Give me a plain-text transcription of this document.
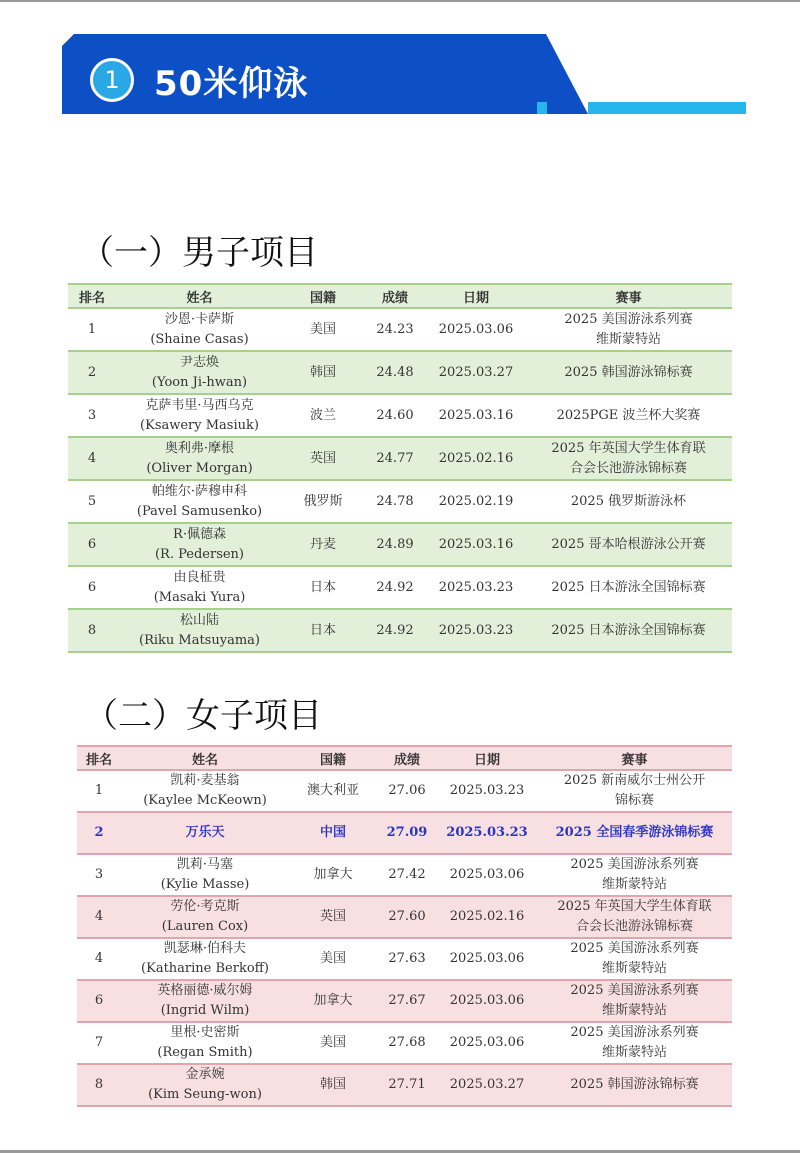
1	50米仰泳
（一）男子项目
排名	姓名	国籍	成绩	日期	赛事

1	沙恩·卡萨斯
(Shaine Casas)	美国	24.23	2025.03.06	2025 美国游泳系列赛
维斯蒙特站

2	尹志焕
(Yoon Ji-hwan)	韩国	24.48	2025.03.27	2025 韩国游泳锦标赛

3	克萨韦里·马西乌克
(Ksawery Masiuk)	波兰	24.60	2025.03.16	2025PGE 波兰杯大奖赛

4	奥利弗·摩根
(Oliver Morgan)	英国	24.77	2025.02.16	2025 年英国大学生体育联
合会长池游泳锦标赛

5	帕维尔·萨穆申科
(Pavel Samusenko)	俄罗斯	24.78	2025.02.19	2025 俄罗斯游泳杯

6	R·佩德森
(R. Pedersen)	丹麦	24.89	2025.03.16	2025 哥本哈根游泳公开赛

6	由良柾贵
(Masaki Yura)	日本	24.92	2025.03.23	2025 日本游泳全国锦标赛

8	松山陆
(Riku Matsuyama)	日本	24.92	2025.03.23	2025 日本游泳全国锦标赛
（二）女子项目
排名	姓名	国籍	成绩	日期	赛事

1	凯莉·麦基翁
(Kaylee McKeown)	澳大利亚	27.06	2025.03.23	2025 新南威尔士州公开
锦标赛

2	万乐天	中国	27.09	2025.03.23	2025 全国春季游泳锦标赛

3	凯莉·马塞
(Kylie Masse)	加拿大	27.42	2025.03.06	2025 美国游泳系列赛
维斯蒙特站

4	劳伦·考克斯
(Lauren Cox)	英国	27.60	2025.02.16	2025 年英国大学生体育联
合会长池游泳锦标赛

4	凯瑟琳·伯科夫
(Katharine Berkoff)	美国	27.63	2025.03.06	2025 美国游泳系列赛
维斯蒙特站

6	英格丽德·威尔姆
(Ingrid Wilm)	加拿大	27.67	2025.03.06	2025 美国游泳系列赛
维斯蒙特站

7	里根·史密斯
(Regan Smith)	美国	27.68	2025.03.06	2025 美国游泳系列赛
维斯蒙特站

8	金承婉
(Kim Seung-won)	韩国	27.71	2025.03.27	2025 韩国游泳锦标赛
